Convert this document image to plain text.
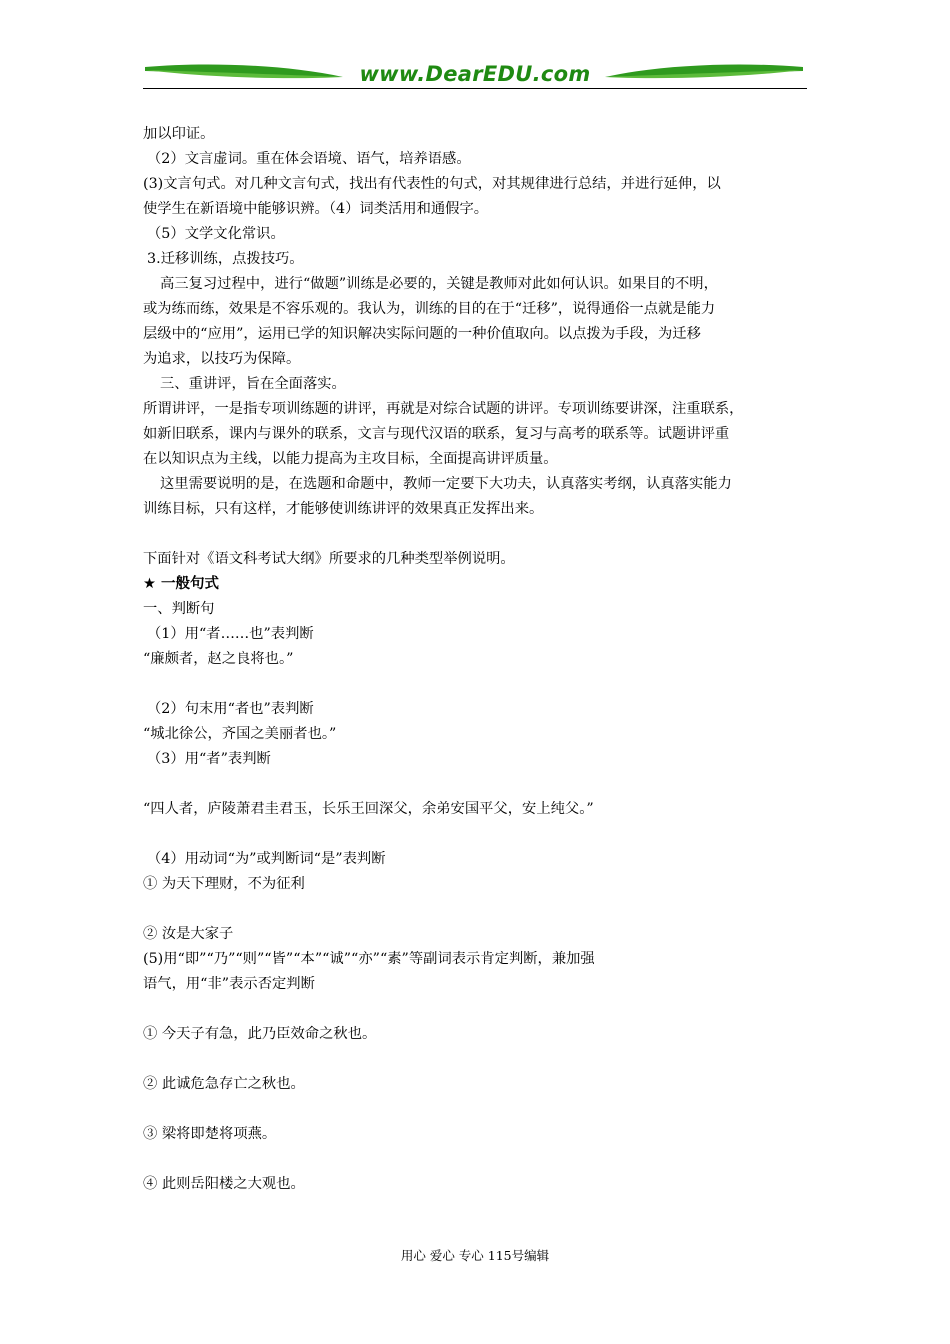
www.DearEDU.com
加以印证。
（2）文言虚词。重在体会语境、语气，培养语感。
(3)文言句式。对几种文言句式，找出有代表性的句式，对其规律进行总结，并进行延伸，以
使学生在新语境中能够识辨。（4）词类活用和通假字。
（5）文学文化常识。
3.迁移训练，点拨技巧。
高三复习过程中，进行“做题”训练是必要的，关键是教师对此如何认识。如果目的不明，
或为练而练，效果是不容乐观的。我认为，训练的目的在于“迁移”，说得通俗一点就是能力
层级中的“应用”，运用已学的知识解决实际问题的一种价值取向。以点拨为手段，为迁移
为追求，以技巧为保障。
三、重讲评，旨在全面落实。
所谓讲评，一是指专项训练题的讲评，再就是对综合试题的讲评。专项训练要讲深，注重联系，
如新旧联系，课内与课外的联系，文言与现代汉语的联系，复习与高考的联系等。试题讲评重
在以知识点为主线，以能力提高为主攻目标，全面提高讲评质量。
这里需要说明的是，在选题和命题中，教师一定要下大功夫，认真落实考纲，认真落实能力
训练目标，只有这样，才能够使训练讲评的效果真正发挥出来。
下面针对《语文科考试大纲》所要求的几种类型举例说明。
★ 一般句式
一、判断句
（1）用“者……也”表判断
“廉颇者，赵之良将也。”
（2）句末用“者也”表判断
“城北徐公，齐国之美丽者也。”
（3）用“者”表判断
“四人者，庐陵萧君圭君玉，长乐王回深父，余弟安国平父，安上纯父。”
（4）用动词“为”或判断词“是”表判断
① 为天下理财，不为征利
② 汝是大家子
(5)用“即”“乃”“则”“皆”“本”“诚”“亦”“素”等副词表示肯定判断，兼加强
语气，用“非”表示否定判断
① 今天子有急，此乃臣效命之秋也。
② 此诚危急存亡之秋也。
③ 梁将即楚将项燕。
④ 此则岳阳楼之大观也。
用心 爱心 专心 115号编辑
